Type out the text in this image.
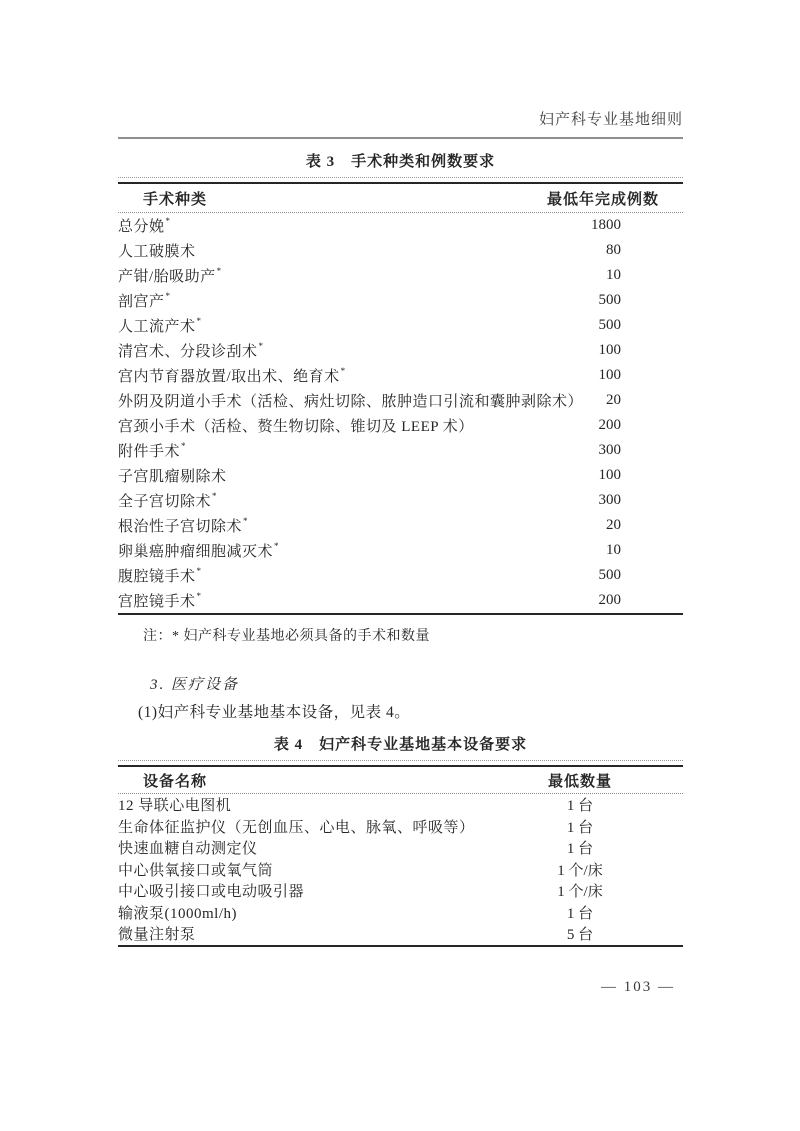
妇产科专业基地细则
表 3　手术种类和例数要求
手术种类	最低年完成例数
总分娩*	1800
人工破膜术	80
产钳/胎吸助产*	10
剖宫产*	500
人工流产术*	500
清宫术、分段诊刮术*	100
宫内节育器放置/取出术、绝育术*	100
外阴及阴道小手术（活检、病灶切除、脓肿造口引流和囊肿剥除术）	20
宫颈小手术（活检、赘生物切除、锥切及 LEEP 术）	200
附件手术*	300
子宫肌瘤剔除术	100
全子宫切除术*	300
根治性子宫切除术*	20
卵巢癌肿瘤细胞减灭术*	10
腹腔镜手术*	500
宫腔镜手术*	200
注：* 妇产科专业基地必须具备的手术和数量
3. 医疗设备
(1)妇产科专业基地基本设备，见表 4。
表 4　妇产科专业基地基本设备要求
设备名称	最低数量
12 导联心电图机	1 台
生命体征监护仪（无创血压、心电、脉氧、呼吸等）	1 台
快速血糖自动测定仪	1 台
中心供氧接口或氧气筒	1 个/床
中心吸引接口或电动吸引器	1 个/床
输液泵(1000ml/h)	1 台
微量注射泵	5 台
— 103 —
